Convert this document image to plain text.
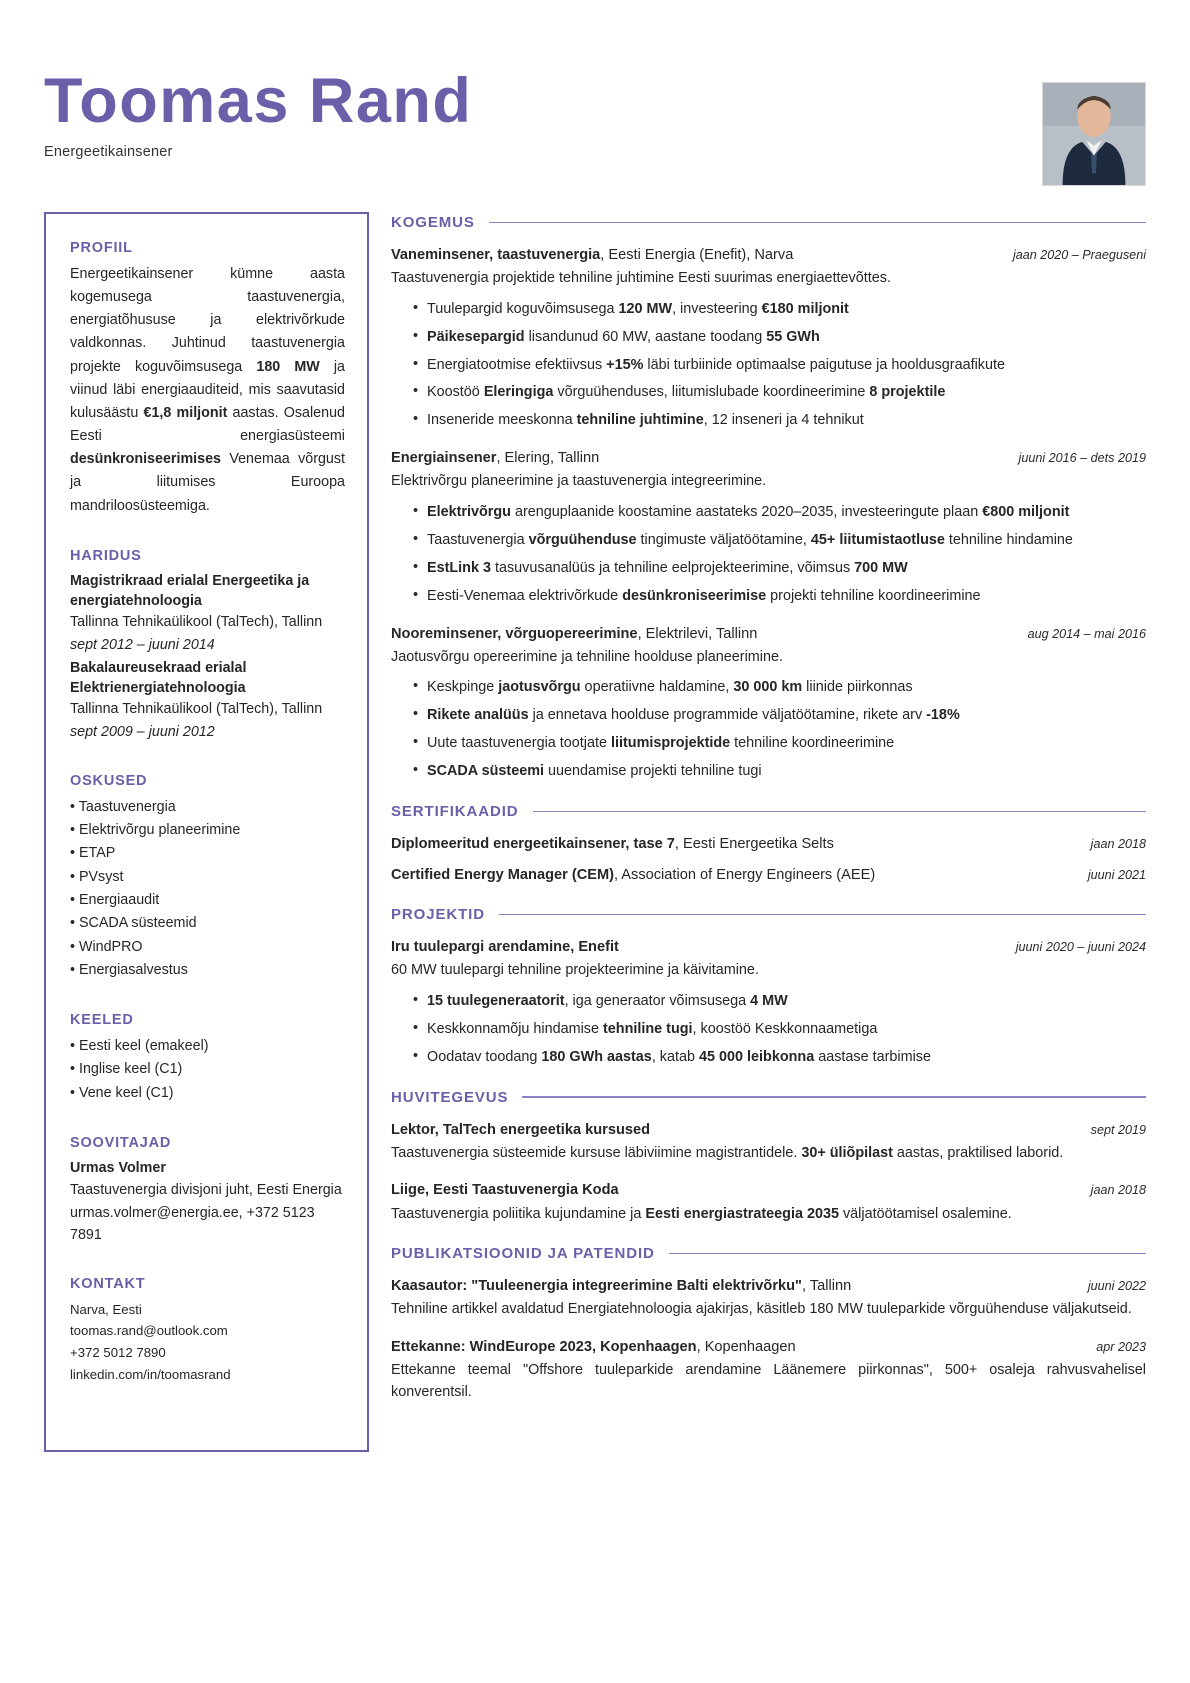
Toomas Rand
Energeetikainsener
PROFIIL
Energeetikainsener kümne aasta kogemusega taastuvenergia, energiatõhususe ja elektrivõrkude valdkonnas. Juhtinud taastuvenergia projekte koguvõimsusega 180 MW ja viinud läbi energiaauditeid, mis saavutasid kulusäästu €1,8 miljonit aastas. Osalenud Eesti energiasüsteemi desünkroniseerimises Venemaa võrgust ja liitumises Euroopa mandriloosüsteemiga.
HARIDUS
Magistrikraad erialal Energeetika ja energiatehnoloogia
Tallinna Tehnikaülikool (TalTech), Tallinn
sept 2012 – juuni 2014
Bakalaureusekraad erialal Elektrienergiatehnoloogia
Tallinna Tehnikaülikool (TalTech), Tallinn
sept 2009 – juuni 2012
OSKUSED
• Taastuvenergia
• Elektrivõrgu planeerimine
• ETAP
• PVsyst
• Energiaaudit
• SCADA süsteemid
• WindPRO
• Energiasalvestus
KEELED
• Eesti keel (emakeel)
• Inglise keel (C1)
• Vene keel (C1)
SOOVITAJAD
Urmas Volmer
Taastuvenergia divisjoni juht, Eesti Energia
urmas.volmer@energia.ee, +372 5123 7891
KONTAKT
Narva, Eesti
toomas.rand@outlook.com
+372 5012 7890
linkedin.com/in/toomasrand
KOGEMUS
Vaneminsener, taastuvenergia, Eesti Energia (Enefit), Narva	jaan 2020 – Praeguseni
Taastuvenergia projektide tehniline juhtimine Eesti suurimas energiaettevõttes.
• Tuulepargid koguvõimsusega 120 MW, investeering €180 miljonit
• Päikesepargid lisandunud 60 MW, aastane toodang 55 GWh
• Energiatootmise efektiivsus +15% läbi turbiinide optimaalse paigutuse ja hooldusgraafikute
• Koostöö Eleringiga võrguühenduses, liitumislubade koordineerimine 8 projektile
• Inseneride meeskonna tehniline juhtimine, 12 inseneri ja 4 tehnikut
Energiainsener, Elering, Tallinn	juuni 2016 – dets 2019
Elektrivõrgu planeerimine ja taastuvenergia integreerimine.
• Elektrivõrgu arenguplaanide koostamine aastateks 2020–2035, investeeringute plaan €800 miljonit
• Taastuvenergia võrguühenduse tingimuste väljatöötamine, 45+ liitumistaotluse tehniline hindamine
• EstLink 3 tasuvusanalüüs ja tehniline eelprojekteerimine, võimsus 700 MW
• Eesti-Venemaa elektrivõrkude desünkroniseerimise projekti tehniline koordineerimine
Nooreminsener, võrguopereerimine, Elektrilevi, Tallinn	aug 2014 – mai 2016
Jaotusvõrgu opereerimine ja tehniline hoolduse planeerimine.
• Keskpinge jaotusvõrgu operatiivne haldamine, 30 000 km liinide piirkonnas
• Rikete analüüs ja ennetava hoolduse programmide väljatöötamine, rikete arv -18%
• Uute taastuvenergia tootjate liitumisprojektide tehniline koordineerimine
• SCADA süsteemi uuendamise projekti tehniline tugi
SERTIFIKAADID
Diplomeeritud energeetikainsener, tase 7, Eesti Energeetika Selts	jaan 2018
Certified Energy Manager (CEM), Association of Energy Engineers (AEE)	juuni 2021
PROJEKTID
Iru tuulepargi arendamine, Enefit	juuni 2020 – juuni 2024
60 MW tuulepargi tehniline projekteerimine ja käivitamine.
• 15 tuulegeneraatorit, iga generaator võimsusega 4 MW
• Keskkonnamõju hindamise tehniline tugi, koostöö Keskkonnaametiga
• Oodatav toodang 180 GWh aastas, katab 45 000 leibkonna aastase tarbimise
HUVITEGEVUS
Lektor, TalTech energeetika kursused	sept 2019
Taastuvenergia süsteemide kursuse läbiviimine magistrantidele. 30+ üliõpilast aastas, praktilised laborid.
Liige, Eesti Taastuvenergia Koda	jaan 2018
Taastuvenergia poliitika kujundamine ja Eesti energiastrateegia 2035 väljatöötamisel osalemine.
PUBLIKATSIOONID JA PATENDID
Kaasautor: "Tuuleenergia integreerimine Balti elektrivõrku", Tallinn	juuni 2022
Tehniline artikkel avaldatud Energiatehnoloogia ajakirjas, käsitleb 180 MW tuuleparkide võrguühenduse väljakutseid.
Ettekanne: WindEurope 2023, Kopenhaagen, Kopenhaagen	apr 2023
Ettekanne teemal "Offshore tuuleparkide arendamine Läänemere piirkonnas", 500+ osaleja rahvusvahelisel konverentsil.
